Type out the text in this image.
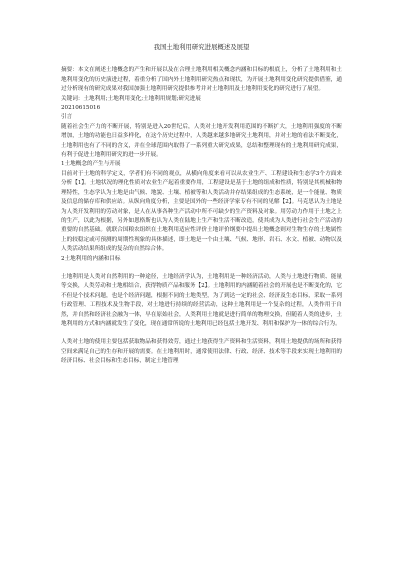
我国土地利用研究进展概述及展望

摘要：本文在阐述土地概念的产生和开展以及在合理土地利用相关概念内涵和目标的根底上，分析了土地利用和土地利用变化的历史演进过程，着重分析了国内外土地利用研究热点和现状，为开展土地利用变化研究提供借鉴，通过分析现有的研究成果对我国加强土地利用研究提供参考并对土地利用及土地利用变化的研究进行了展望。

关键词：土地利用;土地利用变化;土地利用规划;研究进展

20210615016

引言

随着社会生产力的不断开展，特别是进入20世纪后，人类对土地开发利用范围的不断扩大，土地利用强度的不断增加，土地的功能也日益多样化，在这个历史过程中，人类越来越多地研究土地利用，并对土地的看法不断变化，土地利用也有了不同的含义，并在全球范围内取得了一系列重大研究成果，总结和整理现有的土地利用研究成果，有利于促进土地利用研究的进一步开展。

1土地概念的产生与开展

目前对于土地的科学定义，学者们有不同的观点，从横向角度来看可以从农业生产、工程建设和生态学3个方面来分析【1】。土地状况的理化性质对农业生产起着重要作用，工程建设是基于土地的组成和性质，特别是其机械和物理特性，生态学认为土地是由气候、地貌、土壤、植被等和人类活动并存结果组成的生态系统，是一个能量、物质及信息的储存库和供应站。从纵向角度分析，主要是国外的一些经济学家专有不同的见解【2】。马克思认为土地是为人类开发利用的劳动对象，是人在从事各种生产活动中所不可缺少的生产资料及对象。用劳动力作用于土地之上的生产，以此为根据，另外如恩格斯也认为人类在陆地上生产和生活不断改造，使其成为人类进行社会生产活动的重要的自然基础。就联合国粮农组织在土地利用适应性评价土地评价纲要中提出土地概念则对生物生存的土地属性上的较稳定或可预测的周期性现象的具体描述，即土地是一个由土壤、气候、地形、岩石、水文、植被、动物以及人类活动结果所组成的复杂的自然综合体。

2土地利用的内涵和目标

土地利用是人类对自然利用的一种途径，土地经济学认为，土地利用是一种经济活动，人类与土地进行物质、能量等交换，人类劳动和土地相结合，获得物质产品和服务【2】。土地利用的内涵随着社会的开展也是不断变化的，它不但是个技术问题，也是个经济问题，根据不同的土地类型，为了到达一定的社会、经济及生态目标，采取一系列行政管理、工程技术及生物手段，对土地进行持续的经营活动，这种土地利用是一个复杂的过程，人类作用于自然，并自然和经济社会融为一体，早在原始社会，人类利用土地就是进行简单的物理交换，但随着人类的进步，土地利用的方式和内涵就发生了变化，现在通常所说的土地利用已经包括土地开发、利用和保护为一体的综合行为。

人类对土地的使用主要包括获取物品和获得效劳，通过土地获得生产资料和生活资料，利用土地提供的场所和获得空间来满足自己的生存和开展的需要。在土地利用时，通常使用法律、行政、经济、技术等手段来实现土地利用的经济目标、社会目标和生态目标，制定土地管理
